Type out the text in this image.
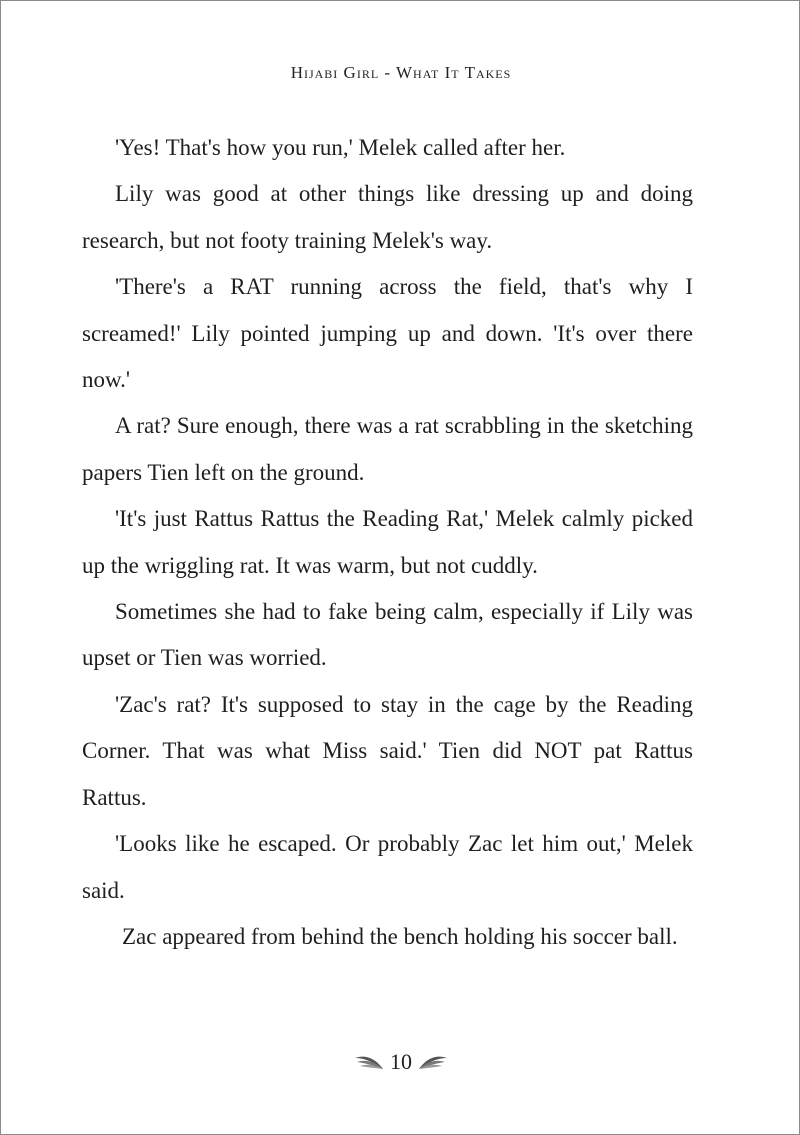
Hijabi Girl - What It Takes

'Yes! That's how you run,' Melek called after her.

Lily was good at other things like dressing up and doing research, but not footy training Melek's way.

'There's a RAT running across the field, that's why I screamed!' Lily pointed jumping up and down. 'It's over there now.'

A rat? Sure enough, there was a rat scrabbling in the sketching papers Tien left on the ground.

'It's just Rattus Rattus the Reading Rat,' Melek calmly picked up the wriggling rat. It was warm, but not cuddly.

Sometimes she had to fake being calm, especially if Lily was upset or Tien was worried.

'Zac's rat? It's supposed to stay in the cage by the Reading Corner. That was what Miss said.' Tien did NOT pat Rattus Rattus.

'Looks like he escaped. Or probably Zac let him out,' Melek said.

Zac appeared from behind the bench holding his soccer ball.

10
